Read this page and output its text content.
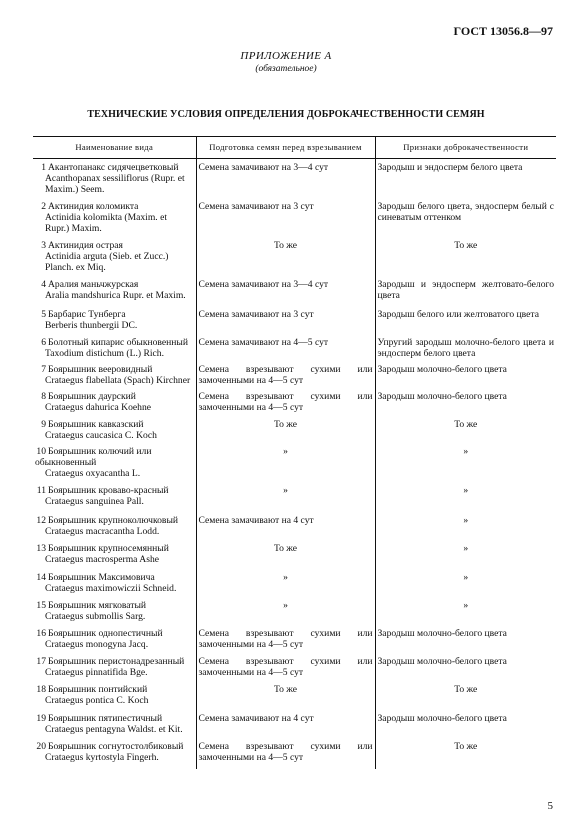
ГОСТ 13056.8—97
ПРИЛОЖЕНИЕ А
(обязательное)
ТЕХНИЧЕСКИЕ УСЛОВИЯ ОПРЕДЕЛЕНИЯ ДОБРОКАЧЕСТВЕННОСТИ СЕМЯН
Наименование вида	Подготовка семян перед взрезыванием	Признаки доброкачественности

1 Акантопанакс сидячецветковый
Acanthopanax sessiliflorus (Rupr. et Maxim.) Seem.	Семена замачивают на 3—4 сут	Зародыш и эндосперм белого цвета

2 Актинидия коломикта
Actinidia kolomikta (Maxim. et Rupr.) Maxim.	Семена замачивают на 3 сут	Зародыш белого цвета, эндосперм белый с синеватым оттенком

3 Актинидия острая
Actinidia arguta (Sieb. et Zucc.) Planch. ex Miq.	То же	То же

4 Аралия маньчжурская
Aralia mandshurica Rupr. et Maxim.	Семена замачивают на 3—4 сут	Зародыш и эндосперм желтовато-белого цвета

5 Барбарис Тунберга
Berberis thunbergii DC.	Семена замачивают на 3 сут	Зародыш белого или желтоватого цвета

6 Болотный кипарис обыкновенный
Taxodium distichum (L.) Rich.	Семена замачивают на 4—5 сут	Упругий зародыш молочно-белого цвета и эндосперм белого цвета

7 Боярышник вееровидный
Crataegus flabellata (Spach) Kirchner	Семена взрезывают сухими или замоченными на 4—5 сут	Зародыш молочно-белого цвета

8 Боярышник даурский
Crataegus dahurica Koehne	Семена взрезывают сухими или замоченными на 4—5 сут	Зародыш молочно-белого цвета

9 Боярышник кавказский
Crataegus caucasica C. Koch	То же	То же

10 Боярышник колючий или обыкновенный
Crataegus oxyacantha L.	»	»

11 Боярышник кроваво-красный
Crataegus sanguinea Pall.	»	»

12 Боярышник крупноколючковый
Crataegus macracantha Lodd.	Семена замачивают на 4 сут	»

13 Боярышник крупносемянный
Crataegus macrosperma Ashe	То же	»

14 Боярышник Максимовича
Crataegus maximowiczii Schneid.	»	»

15 Боярышник мягковатый
Crataegus submollis Sarg.	»	»

16 Боярышник однопестичный
Crataegus monogyna Jacq.	Семена взрезывают сухими или замоченными на 4—5 сут	Зародыш молочно-белого цвета

17 Боярышник перистонадрезанный
Crataegus pinnatifida Bge.	Семена взрезывают сухими или замоченными на 4—5 сут	Зародыш молочно-белого цвета

18 Боярышник понтийский
Crataegus pontica C. Koch	То же	То же

19 Боярышник пятипестичный
Crataegus pentagyna Waldst. et Kit.	Семена замачивают на 4 сут	Зародыш молочно-белого цвета

20 Боярышник согнутостолбиковый
Crataegus kyrtostyla Fingerh.	Семена взрезывают сухими или замоченными на 4—5 сут	То же
5
